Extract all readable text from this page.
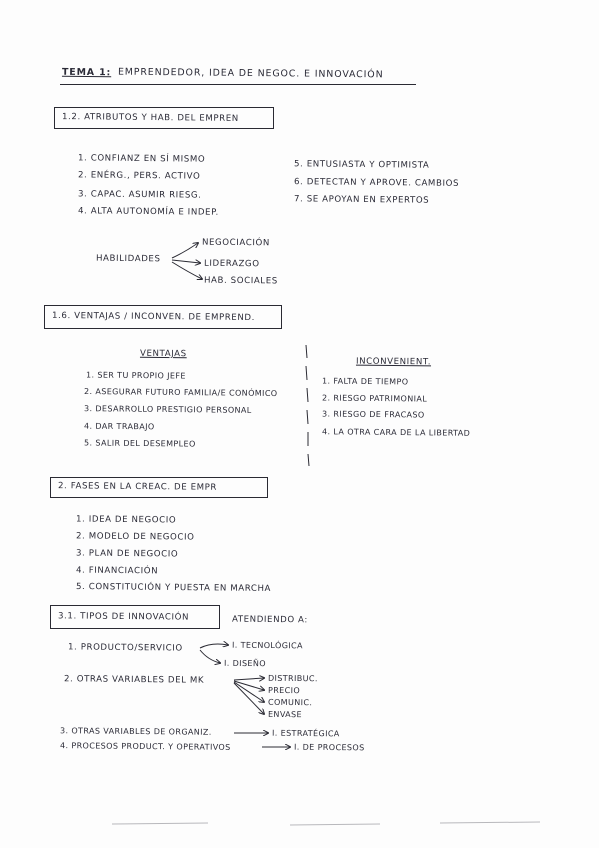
TEMA 1: EMPRENDEDOR, IDEA DE NEGOC. E INNOVACIÓN
1.2. ATRIBUTOS Y HAB. DEL EMPREN
1. CONFIANZ EN SÍ MISMO
2. ENÉRG., PERS. ACTIVO
3. CAPAC. ASUMIR RIESG.
4. ALTA AUTONOMÍA E INDEP.
5. ENTUSIASTA Y OPTIMISTA
6. DETECTAN Y APROVE. CAMBIOS
7. SE APOYAN EN EXPERTOS
HABILIDADES
NEGOCIACIÓN
LIDERAZGO
HAB. SOCIALES
1.6. VENTAJAS / INCONVEN. DE EMPREND.
VENTAJAS
1. SER TU PROPIO JEFE
2. ASEGURAR FUTURO FAMILIA/E CONÓMICO
3. DESARROLLO PRESTIGIO PERSONAL
4. DAR TRABAJO
5. SALIR DEL DESEMPLEO
INCONVENIENT.
1. FALTA DE TIEMPO
2. RIESGO PATRIMONIAL
3. RIESGO DE FRACASO
4. LA OTRA CARA DE LA LIBERTAD
2. FASES EN LA CREAC. DE EMPR
1. IDEA DE NEGOCIO
2. MODELO DE NEGOCIO
3. PLAN DE NEGOCIO
4. FINANCIACIÓN
5. CONSTITUCIÓN Y PUESTA EN MARCHA
3.1. TIPOS DE INNOVACIÓN	ATENDIENDO A:
1. PRODUCTO/SERVICIO	I. TECNOLÓGICA
I. DISEÑO
2. OTRAS VARIABLES DEL MK	DISTRIBUC.
PRECIO
COMUNIC.
ENVASE
3. OTRAS VARIABLES DE ORGANIZ.	I. ESTRATÉGICA
4. PROCESOS PRODUCT. Y OPERATIVOS	I. DE PROCESOS
